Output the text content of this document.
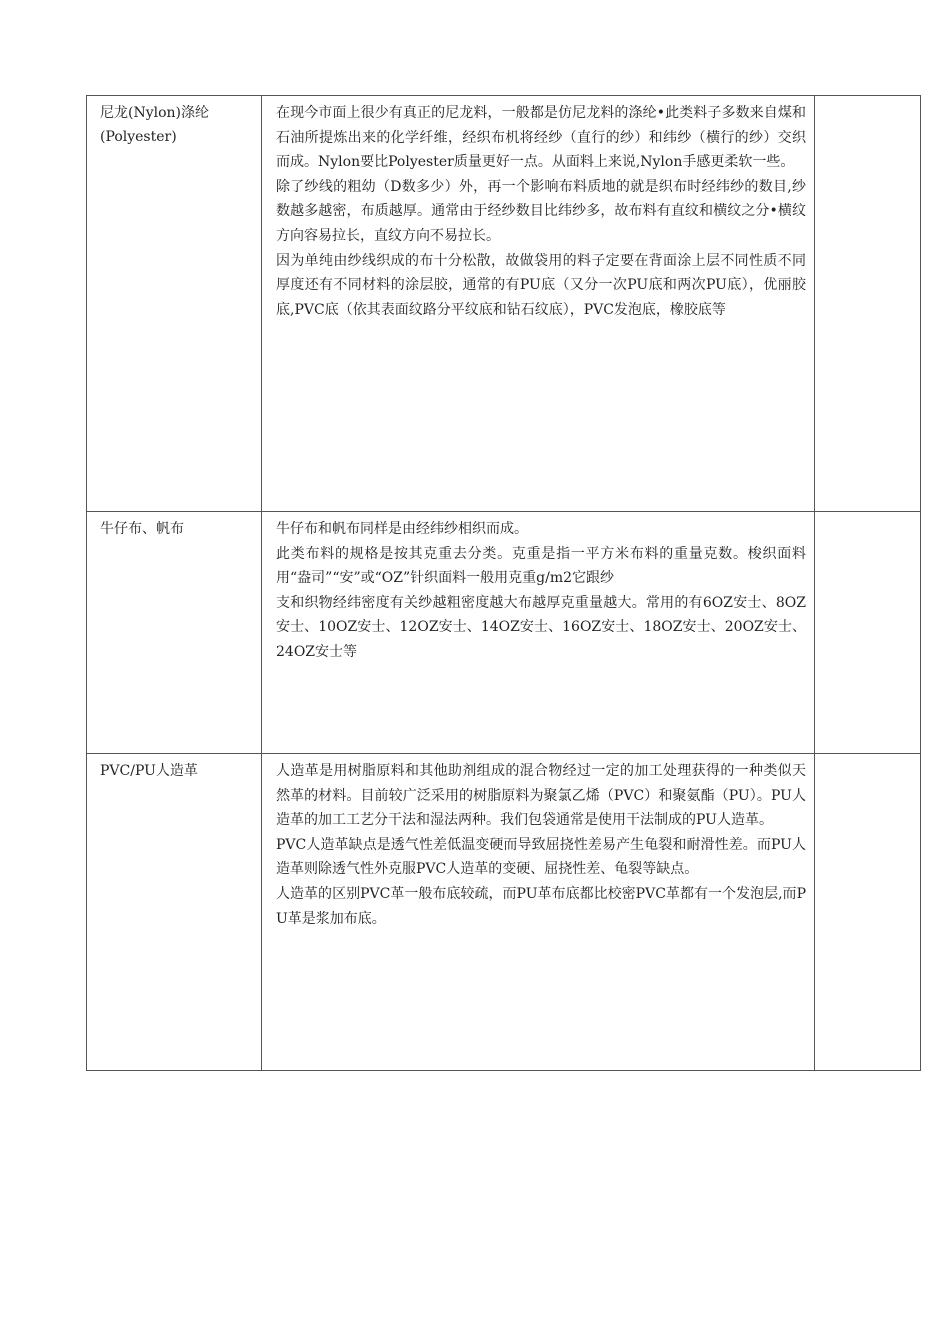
尼龙(Nylon)涤纶(Polyester)	在现今市面上很少有真正的尼龙料，一般都是仿尼龙料的涤纶•此类料子多数来自煤和石油所提炼出来的化学纤维，经织布机将经纱（直行的纱）和纬纱（横行的纱）交织而成。Nylon要比Polyester质量更好一点。从面料上来说,Nylon手感更柔软一些。

除了纱线的粗幼（D数多少）外，再一个影响布料质地的就是织布时经纬纱的数目,纱数越多越密，布质越厚。通常由于经纱数目比纬纱多，故布料有直纹和横纹之分•横纹方向容易拉长，直纹方向不易拉长。

因为单纯由纱线织成的布十分松散，故做袋用的料子定要在背面涂上层不同性质不同厚度还有不同材料的涂层胶，通常的有PU底（又分一次PU底和两次PU底），优丽胶底,PVC底（依其表面纹路分平纹底和钻石纹底），PVC发泡底，橡胶底等	

牛仔布、帆布	牛仔布和帆布同样是由经纬纱相织而成。

此类布料的规格是按其克重去分类。克重是指一平方米布料的重量克数。梭织面料用“盎司”“安”或“OZ”针织面料一般用克重g/m2它跟纱

支和织物经纬密度有关纱越粗密度越大布越厚克重量越大。常用的有6OZ安士、8OZ安士、10OZ安士、12OZ安士、14OZ安士、16OZ安士、18OZ安士、20OZ安士、24OZ安士等	

PVC/PU人造革	人造革是用树脂原料和其他助剂组成的混合物经过一定的加工处理获得的一种类似天然革的材料。目前较广泛采用的树脂原料为聚氯乙烯（PVC）和聚氨酯（PU）。PU人造革的加工工艺分干法和湿法两种。我们包袋通常是使用干法制成的PU人造革。

PVC人造革缺点是透气性差低温变硬而导致屈挠性差易产生龟裂和耐滑性差。而PU人造革则除透气性外克服PVC人造革的变硬、屈挠性差、龟裂等缺点。

人造革的区别PVC革一般布底较疏，而PU革布底都比校密PVC革都有一个发泡层,而PU革是浆加布底。	
